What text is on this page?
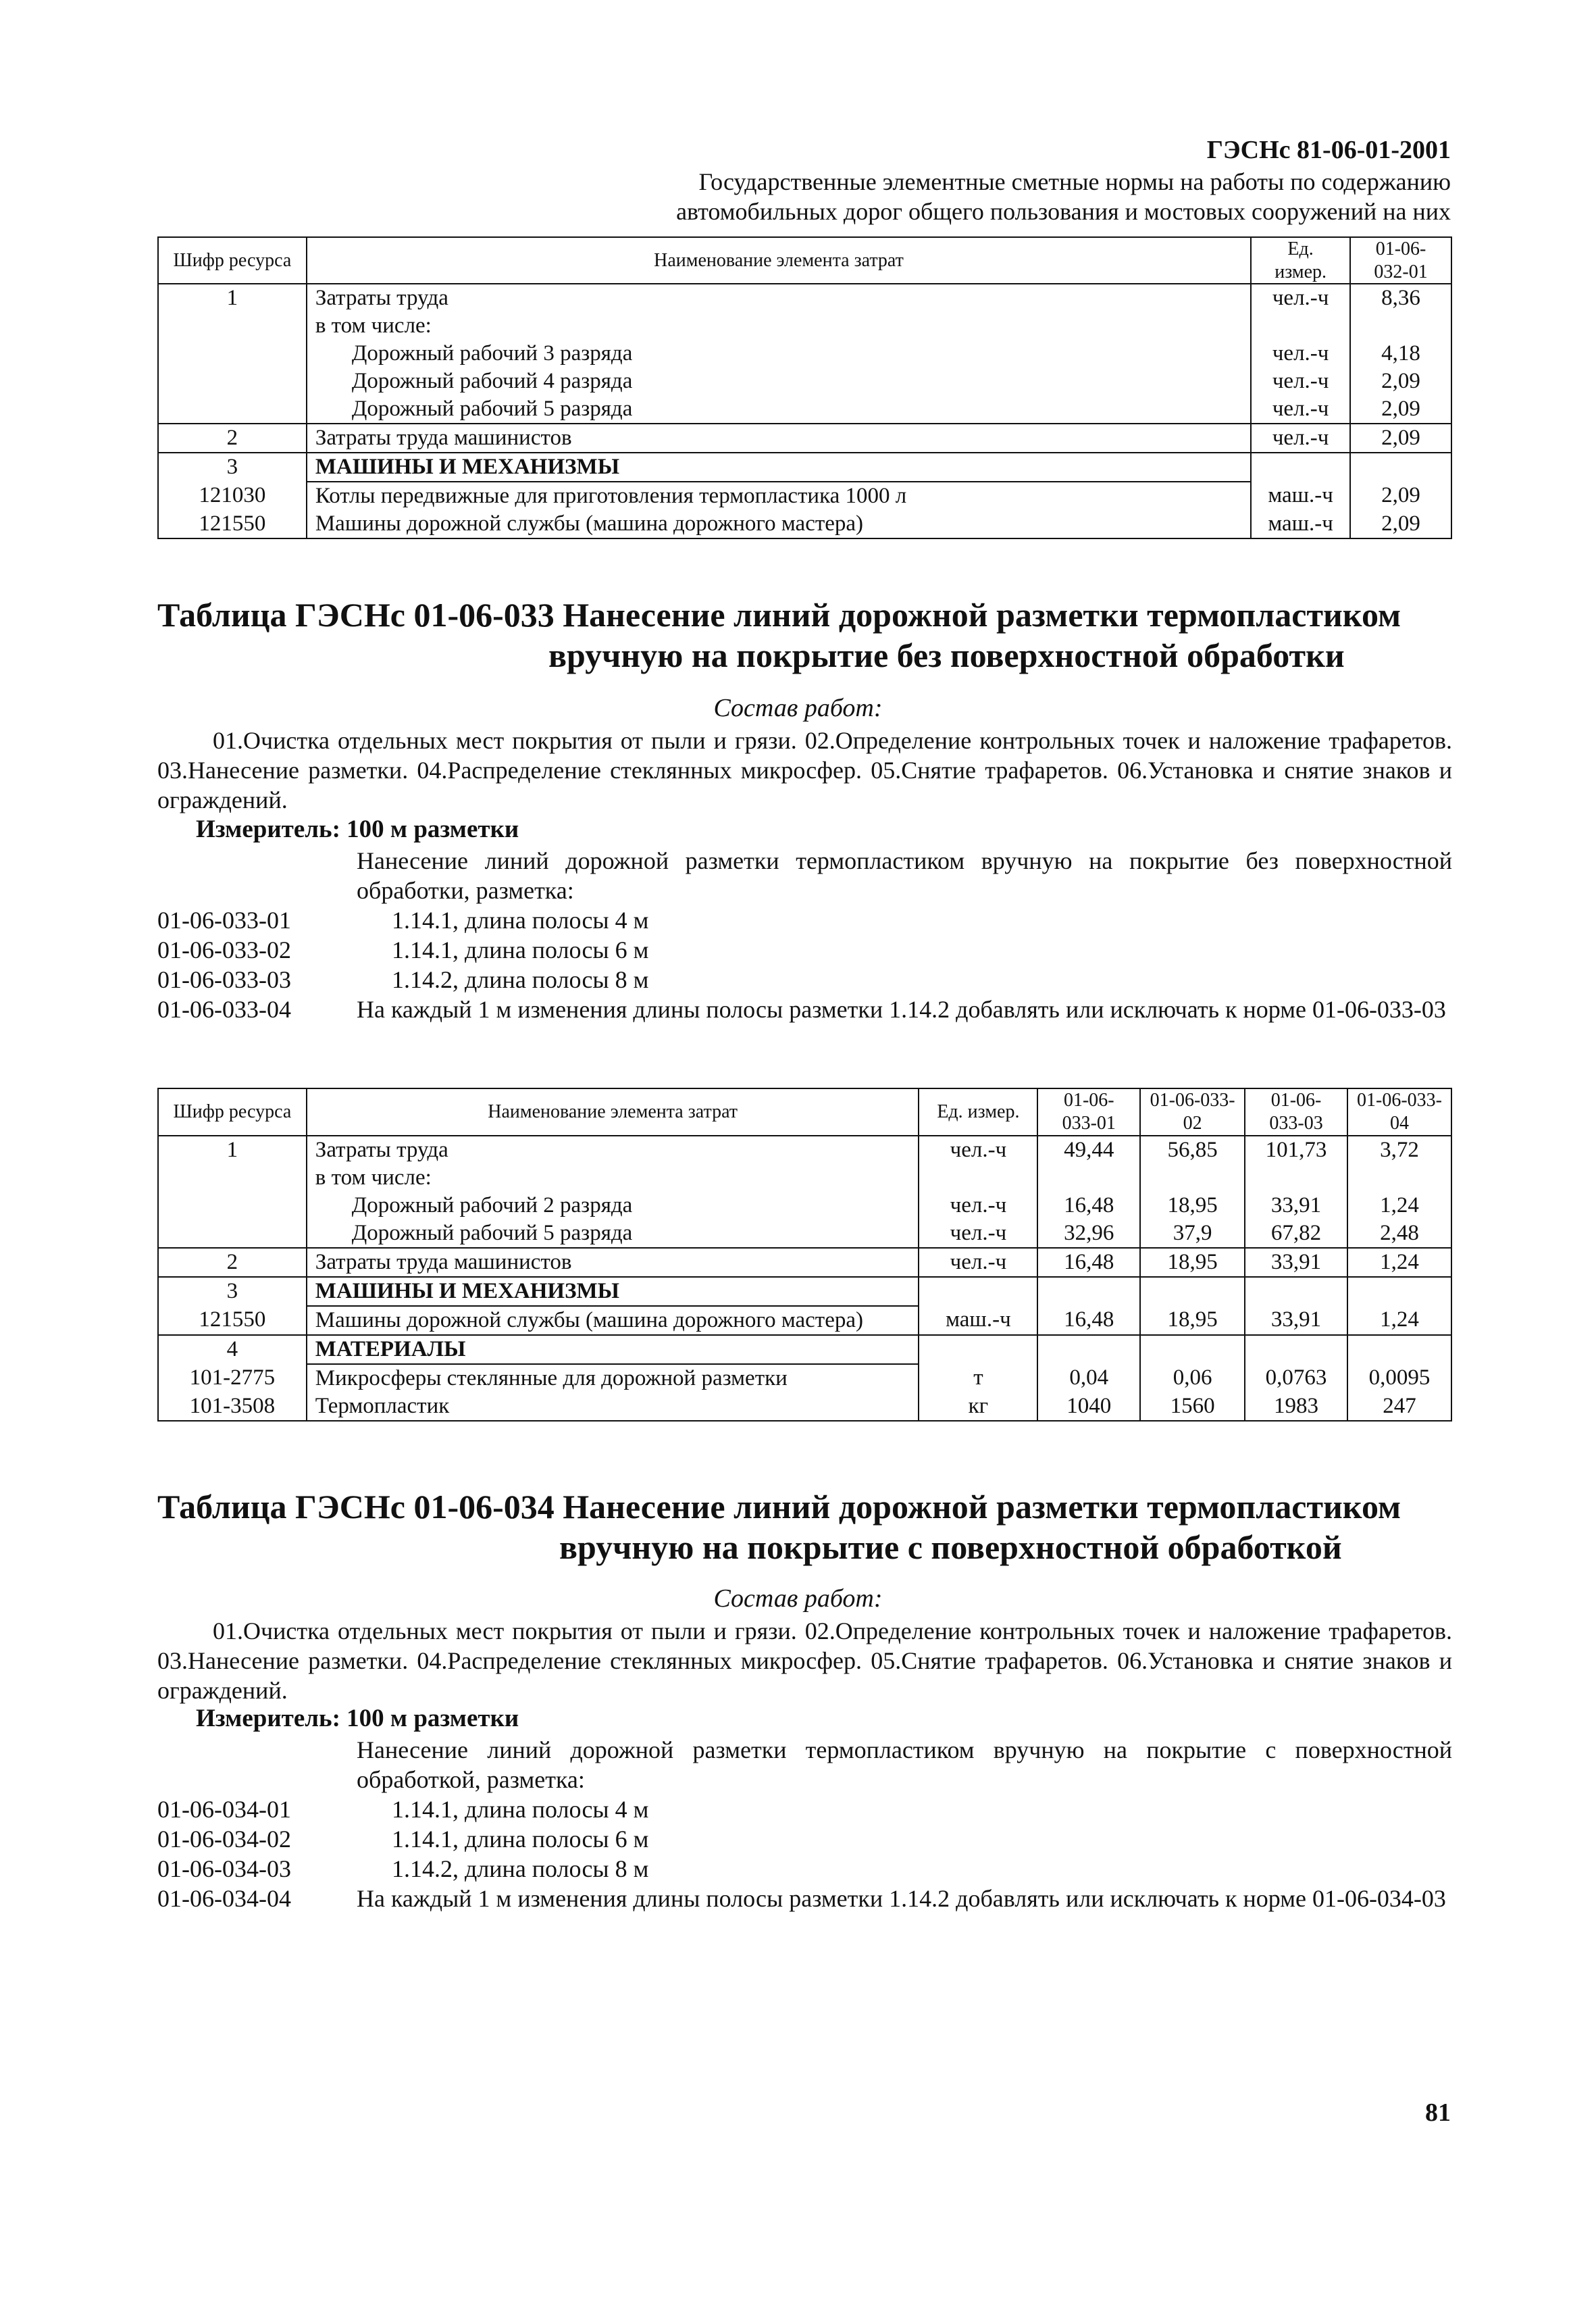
ГЭСНс 81-06-01-2001
Государственные элементные сметные нормы на работы по содержанию
автомобильных дорог общего пользования и мостовых сооружений на них
Шифр ресурса	Наименование элемента затрат	Ед. измер.	01-06-032-01
1	Затраты труда	чел.-ч	8,36
	в том числе:		
	Дорожный рабочий 3 разряда	чел.-ч	4,18
	Дорожный рабочий 4 разряда	чел.-ч	2,09
	Дорожный рабочий 5 разряда	чел.-ч	2,09
2	Затраты труда машинистов	чел.-ч	2,09
3	МАШИНЫ И МЕХАНИЗМЫ		
121030	Котлы передвижные для приготовления термопластика 1000 л	маш.-ч	2,09
121550	Машины дорожной службы (машина дорожного мастера)	маш.-ч	2,09
Таблица ГЭСНс 01-06-033 Нанесение линий дорожной разметки термопластиком
вручную на покрытие без поверхностной обработки
Состав работ:

01.Очистка отдельных мест покрытия от пыли и грязи. 02.Определение контрольных точек и наложение трафаретов. 03.Нанесение разметки. 04.Распределение стеклянных микросфер. 05.Снятие трафаретов. 06.Установка и снятие знаков и ограждений.

Измеритель: 100 м разметки
Нанесение линий дорожной разметки термопластиком вручную на покрытие без поверхностной обработки, разметка:
01-06-033-01	1.14.1, длина полосы 4 м
01-06-033-02	1.14.1, длина полосы 6 м
01-06-033-03	1.14.2, длина полосы 8 м
01-06-033-04	На каждый 1 м изменения длины полосы разметки 1.14.2 добавлять или исключать к норме 01-06-033-03
Шифр ресурса	Наименование элемента затрат	Ед. измер.	01-06-033-01	01-06-033-02	01-06-033-03	01-06-033-04
1	Затраты труда	чел.-ч	49,44	56,85	101,73	3,72
	в том числе:					
	Дорожный рабочий 2 разряда	чел.-ч	16,48	18,95	33,91	1,24
	Дорожный рабочий 5 разряда	чел.-ч	32,96	37,9	67,82	2,48
2	Затраты труда машинистов	чел.-ч	16,48	18,95	33,91	1,24
3	МАШИНЫ И МЕХАНИЗМЫ					
121550	Машины дорожной службы (машина дорожного мастера)	маш.-ч	16,48	18,95	33,91	1,24
4	МАТЕРИАЛЫ					
101-2775	Микросферы стеклянные для дорожной разметки	т	0,04	0,06	0,0763	0,0095
101-3508	Термопластик	кг	1040	1560	1983	247
Таблица ГЭСНс 01-06-034 Нанесение линий дорожной разметки термопластиком
вручную на покрытие с поверхностной обработкой
Состав работ:

01.Очистка отдельных мест покрытия от пыли и грязи. 02.Определение контрольных точек и наложение трафаретов. 03.Нанесение разметки. 04.Распределение стеклянных микросфер. 05.Снятие трафаретов. 06.Установка и снятие знаков и ограждений.

Измеритель: 100 м разметки
Нанесение линий дорожной разметки термопластиком вручную на покрытие с поверхностной обработкой, разметка:
01-06-034-01	1.14.1, длина полосы 4 м
01-06-034-02	1.14.1, длина полосы 6 м
01-06-034-03	1.14.2, длина полосы 8 м
01-06-034-04	На каждый 1 м изменения длины полосы разметки 1.14.2 добавлять или исключать к норме 01-06-034-03
81
